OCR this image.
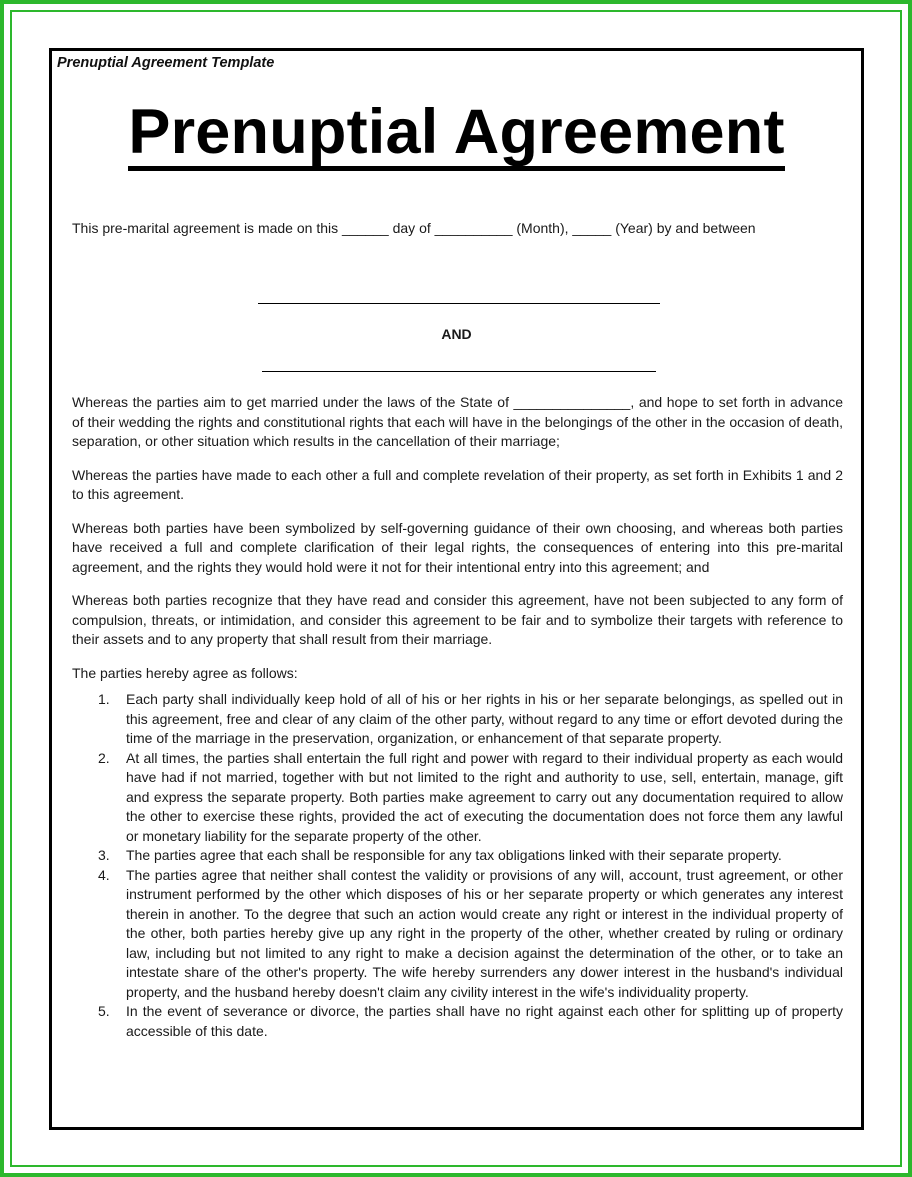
Prenuptial Agreement Template
Prenuptial Agreement

This pre-marital agreement is made on this ______ day of __________ (Month), _____ (Year) by and between

AND

Whereas the parties aim to get married under the laws of the State of _______________, and hope to set forth in advance of their wedding the rights and constitutional rights that each will have in the belongings of the other in the occasion of death, separation, or other situation which results in the cancellation of their marriage;

Whereas the parties have made to each other a full and complete revelation of their property, as set forth in Exhibits 1 and 2 to this agreement.

Whereas both parties have been symbolized by self-governing guidance of their own choosing, and whereas both parties have received a full and complete clarification of their legal rights, the consequences of entering into this pre-marital agreement, and the rights they would hold were it not for their intentional entry into this agreement; and

Whereas both parties recognize that they have read and consider this agreement, have not been subjected to any form of compulsion, threats, or intimidation, and consider this agreement to be fair and to symbolize their targets with reference to their assets and to any property that shall result from their marriage.

The parties hereby agree as follows:

1. Each party shall individually keep hold of all of his or her rights in his or her separate belongings, as spelled out in this agreement, free and clear of any claim of the other party, without regard to any time or effort devoted during the time of the marriage in the preservation, organization, or enhancement of that separate property.
2. At all times, the parties shall entertain the full right and power with regard to their individual property as each would have had if not married, together with but not limited to the right and authority to use, sell, entertain, manage, gift and express the separate property. Both parties make agreement to carry out any documentation required to allow the other to exercise these rights, provided the act of executing the documentation does not force them any lawful or monetary liability for the separate property of the other.
3. The parties agree that each shall be responsible for any tax obligations linked with their separate property.
4. The parties agree that neither shall contest the validity or provisions of any will, account, trust agreement, or other instrument performed by the other which disposes of his or her separate property or which generates any interest therein in another. To the degree that such an action would create any right or interest in the individual property of the other, both parties hereby give up any right in the property of the other, whether created by ruling or ordinary law, including but not limited to any right to make a decision against the determination of the other, or to take an intestate share of the other's property. The wife hereby surrenders any dower interest in the husband's individual property, and the husband hereby doesn't claim any civility interest in the wife's individuality property.
5. In the event of severance or divorce, the parties shall have no right against each other for splitting up of property accessible of this date.
